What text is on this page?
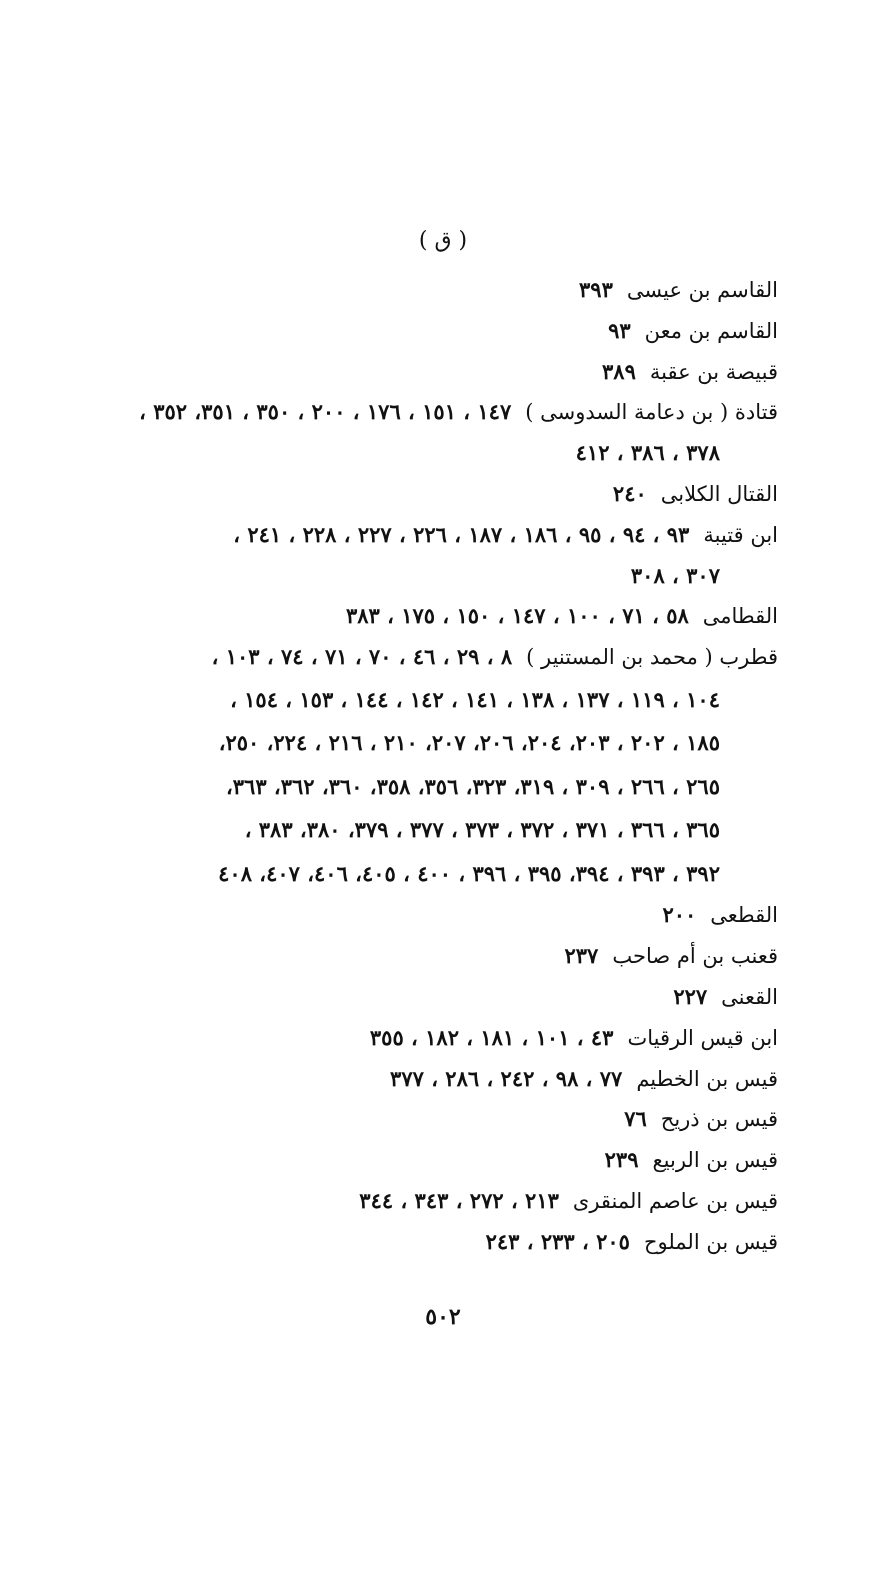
( ق )
القاسم بن عيسى٣٩٣
القاسم بن معن٩٣
قبيصة بن عقبة٣٨٩
قتادة ( بن دعامة السدوسى )١٤٧ ، ١٥١ ، ١٧٦ ، ٢٠٠ ، ٣٥٠ ، ٣٥١، ٣٥٢ ،
٣٧٨ ، ٣٨٦ ، ٤١٢
القتال الكلابى٢٤٠
ابن قتيبة٩٣ ، ٩٤ ، ٩٥ ، ١٨٦ ، ١٨٧ ، ٢٢٦ ، ٢٢٧ ، ٢٢٨ ، ٢٤١ ،
٣٠٧ ، ٣٠٨
القطامى٥٨ ، ٧١ ، ١٠٠ ، ١٤٧ ، ١٥٠ ، ١٧٥ ، ٣٨٣
قطرب ( محمد بن المستنير )٨ ، ٢٩ ، ٤٦ ، ٧٠ ، ٧١ ، ٧٤ ، ١٠٣ ،
١٠٤ ، ١١٩ ، ١٣٧ ، ١٣٨ ، ١٤١ ، ١٤٢ ، ١٤٤ ، ١٥٣ ، ١٥٤ ،
١٨٥ ، ٢٠٢ ، ٢٠٣، ٢٠٤، ٢٠٦، ٢٠٧، ٢١٠ ، ٢١٦ ، ٢٢٤، ٢٥٠،
٢٦٥ ، ٢٦٦ ، ٣٠٩ ، ٣١٩، ٣٢٣، ٣٥٦، ٣٥٨، ٣٦٠، ٣٦٢، ٣٦٣،
٣٦٥ ، ٣٦٦ ، ٣٧١ ، ٣٧٢ ، ٣٧٣ ، ٣٧٧ ، ٣٧٩، ٣٨٠، ٣٨٣ ،
٣٩٢ ، ٣٩٣ ، ٣٩٤، ٣٩٥ ، ٣٩٦ ، ٤٠٠ ، ٤٠٥، ٤٠٦، ٤٠٧، ٤٠٨
القطعى٢٠٠
قعنب بن أم صاحب٢٣٧
القعنى٢٢٧
ابن قيس الرقيات٤٣ ، ١٠١ ، ١٨١ ، ١٨٢ ، ٣٥٥
قيس بن الخطيم٧٧ ، ٩٨ ، ٢٤٢ ، ٢٨٦ ، ٣٧٧
قيس بن ذريح٧٦
قيس بن الربيع٢٣٩
قيس بن عاصم المنقرى٢١٣ ، ٢٧٢ ، ٣٤٣ ، ٣٤٤
قيس بن الملوح٢٠٥ ، ٢٣٣ ، ٢٤٣
٥٠٢
